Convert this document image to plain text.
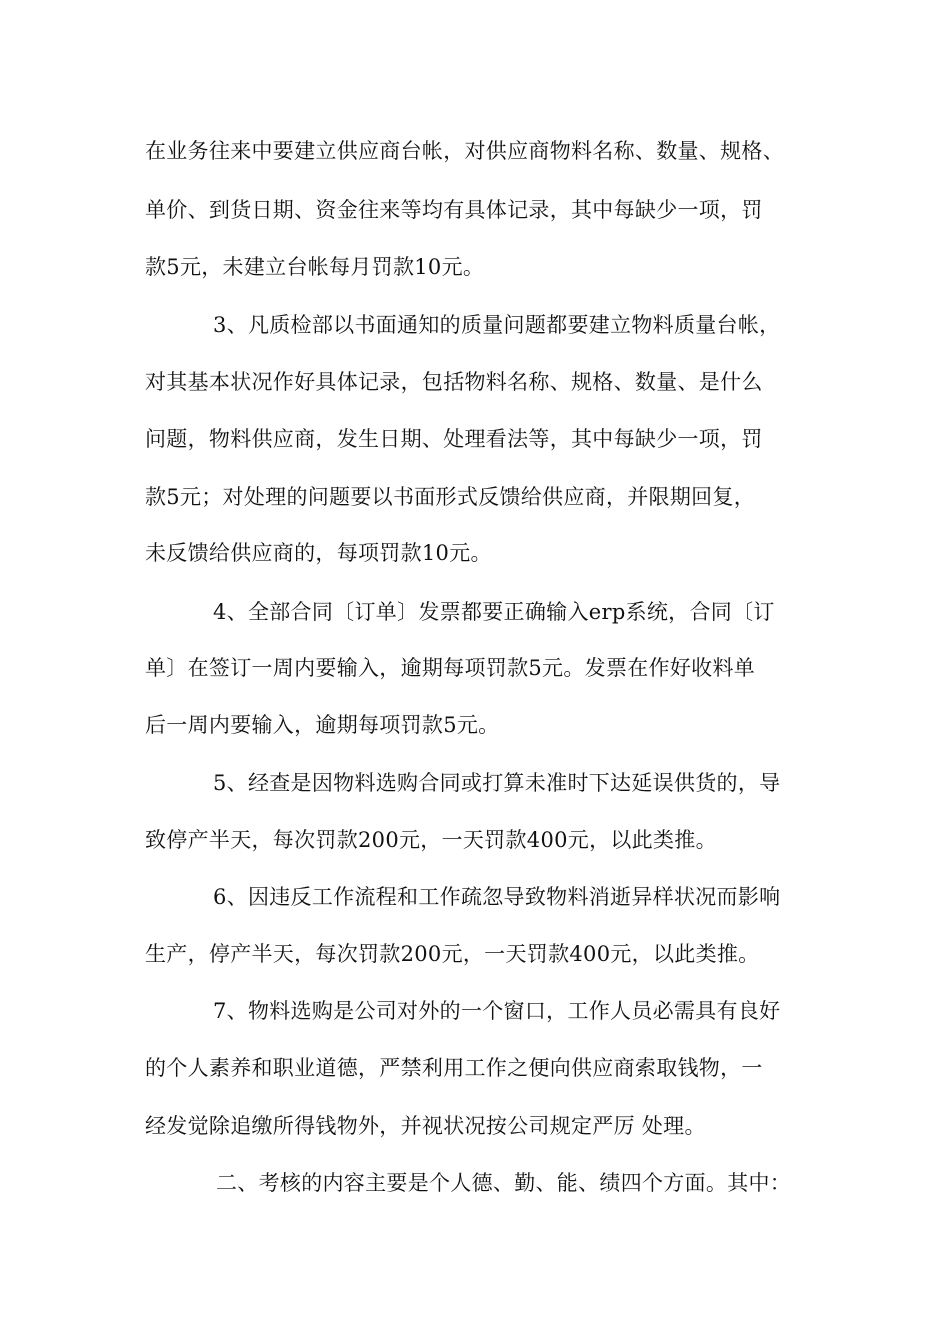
在业务往来中要建立供应商台帐，对供应商物料名称、数量、规格、
单价、到货日期、资金往来等均有具体记录，其中每缺少一项，罚
款5元，未建立台帐每月罚款10元。
3、凡质检部以书面通知的质量问题都要建立物料质量台帐，
对其基本状况作好具体记录，包括物料名称、规格、数量、是什么
问题，物料供应商，发生日期、处理看法等，其中每缺少一项，罚
款5元；对处理的问题要以书面形式反馈给供应商，并限期回复，
未反馈给供应商的，每项罚款10元。
4、全部合同〔订单〕发票都要正确输入erp系统，合同〔订
单〕在签订一周内要输入，逾期每项罚款5元。发票在作好收料单
后一周内要输入，逾期每项罚款5元。
5、经查是因物料选购合同或打算未准时下达延误供货的，导
致停产半天，每次罚款200元，一天罚款400元，以此类推。
6、因违反工作流程和工作疏忽导致物料消逝异样状况而影响
生产，停产半天，每次罚款200元，一天罚款400元，以此类推。
7、物料选购是公司对外的一个窗口，工作人员必需具有良好
的个人素养和职业道德，严禁利用工作之便向供应商索取钱物，一
经发觉除追缴所得钱物外，并视状况按公司规定严厉 处理。
二、考核的内容主要是个人德、勤、能、绩四个方面。其中：
